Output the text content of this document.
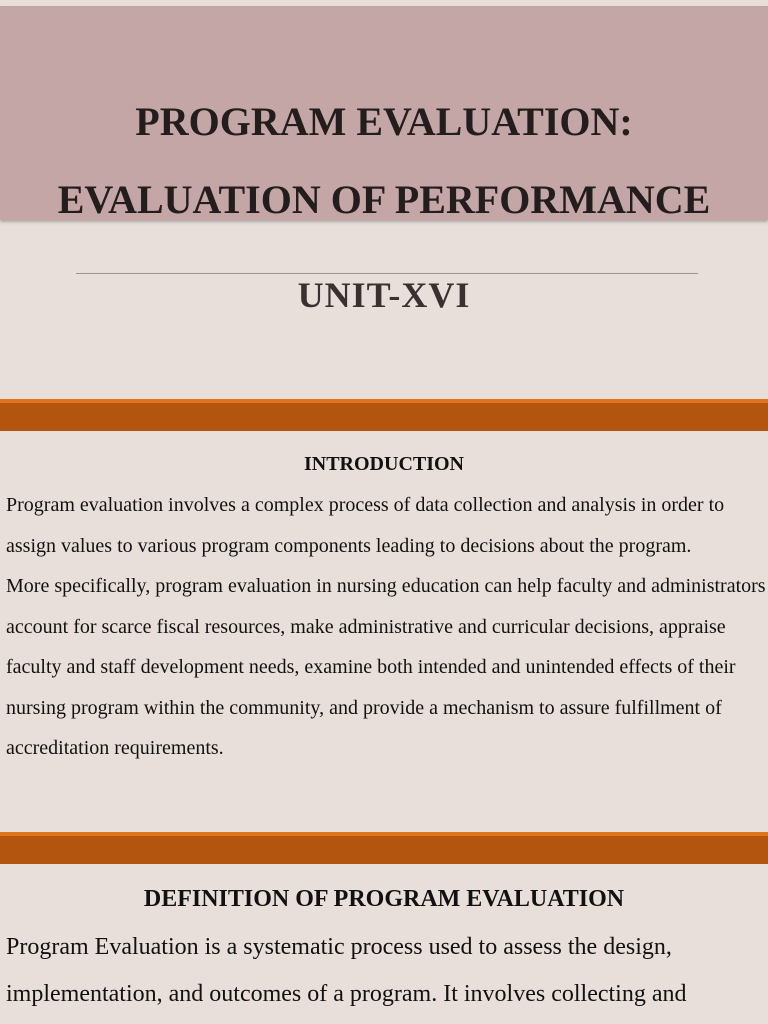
PROGRAM EVALUATION:
EVALUATION OF PERFORMANCE
UNIT-XVI
INTRODUCTION

Program evaluation involves a complex process of data collection and analysis in order to assign values to various program components leading to decisions about the program.

More specifically, program evaluation in nursing education can help faculty and administrators account for scarce fiscal resources, make administrative and curricular decisions, appraise faculty and staff development needs, examine both intended and unintended effects of their nursing program within the community, and provide a mechanism to assure fulfillment of accreditation requirements.

DEFINITION OF PROGRAM EVALUATION

Program Evaluation is a systematic process used to assess the design, implementation, and outcomes of a program. It involves collecting and
